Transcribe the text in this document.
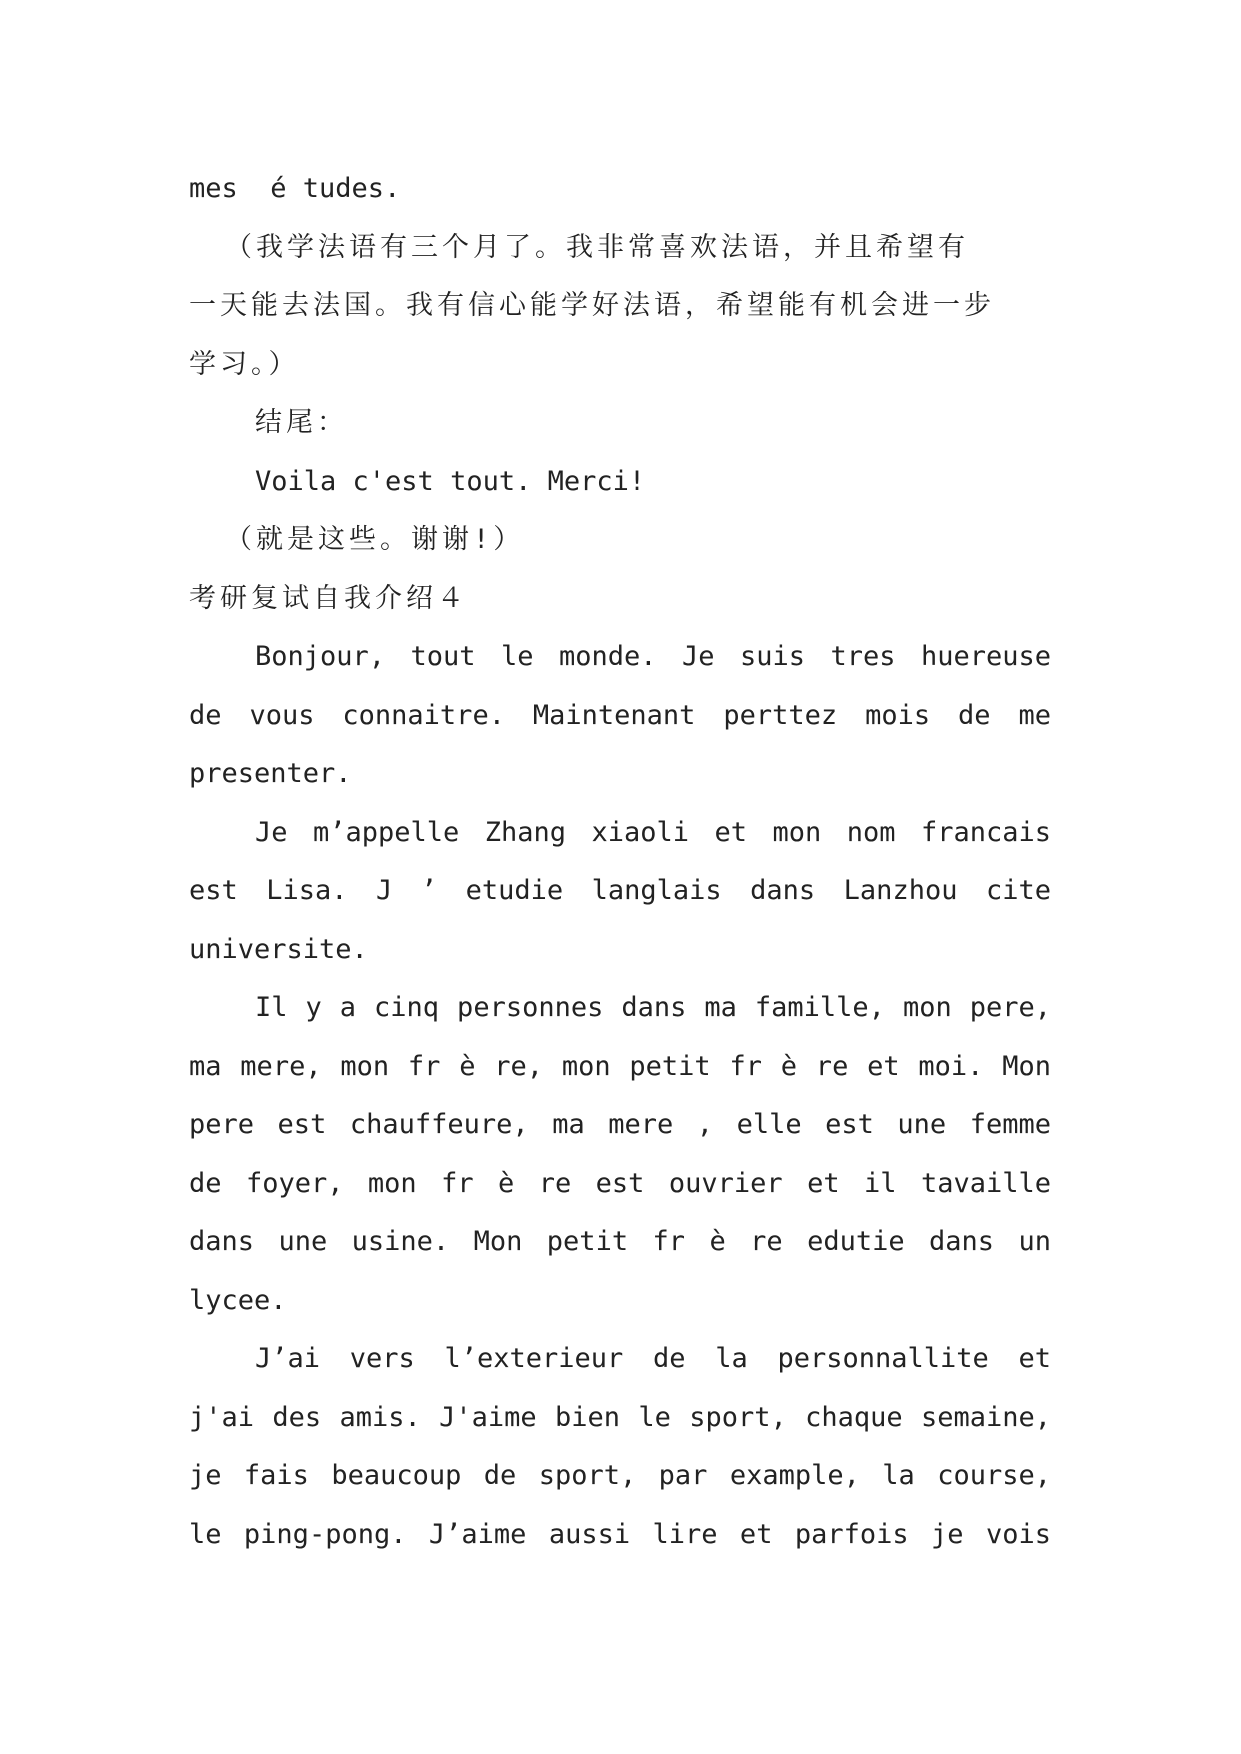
mes  é tudes.
（我学法语有三个月了。我非常喜欢法语，并且希望有
一天能去法国。我有信心能学好法语，希望能有机会进一步
学习。）
结尾：
Voila c'est tout. Merci!
（就是这些。谢谢!）
考研复试自我介绍４
Bonjour, tout le monde. Je suis tres huereuse
de vous connaitre. Maintenant perttez mois de me
presenter.
Je m’appelle Zhang xiaoli et mon nom francais
est Lisa. J ’ etudie langlais dans Lanzhou cite
universite.
Il y a cinq personnes dans ma famille, mon pere,
ma mere, mon fr è re, mon petit fr è re et moi. Mon
pere est chauffeure, ma mere , elle est une femme
de foyer, mon fr è re est ouvrier et il tavaille
dans une usine. Mon petit fr è re edutie dans un
lycee.
J’ai vers l’exterieur de la personnallite et
j'ai des amis. J'aime bien le sport, chaque semaine,
je fais beaucoup de sport, par example, la course,
le ping-pong. J’aime aussi lire et parfois je vois
